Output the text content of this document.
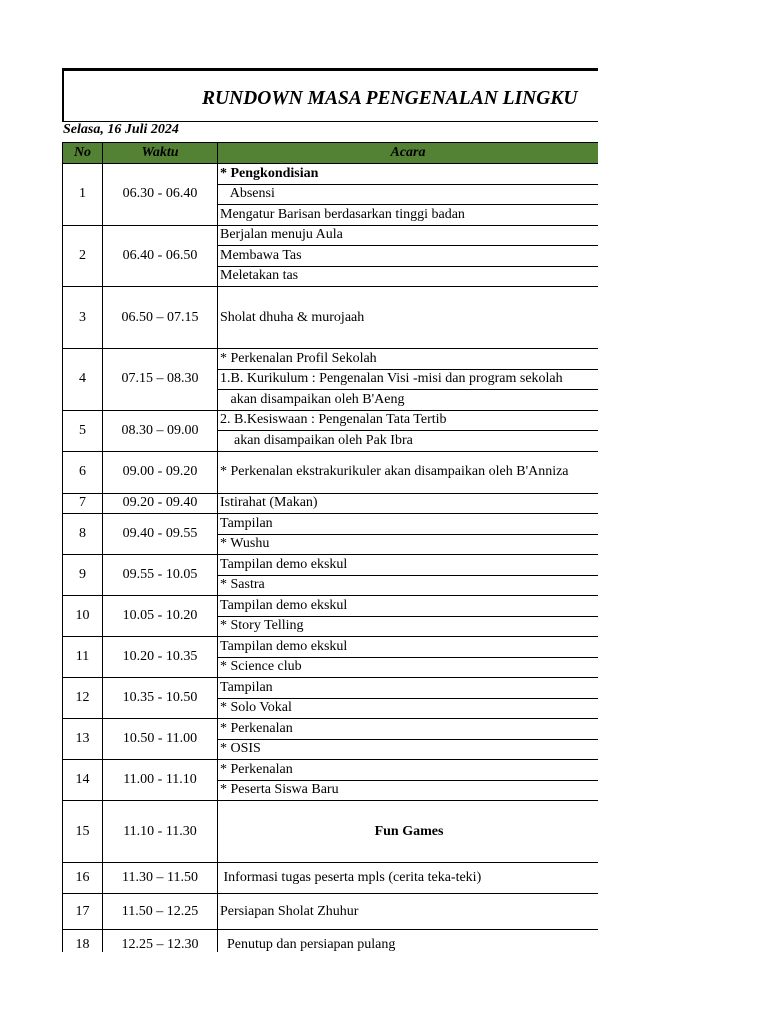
RUNDOWN MASA PENGENALAN LINGKU
Selasa, 16 Juli 2024
No	Waktu	Acara
1	06.30 - 06.40	* Pengkondisian
		Absensi
		Mengatur Barisan berdasarkan tinggi badan
2	06.40 - 06.50	Berjalan menuju Aula
		Membawa Tas
		Meletakan tas
3	06.50 – 07.15	Sholat dhuha & murojaah
4	07.15 – 08.30	* Perkenalan Profil Sekolah
		1.B. Kurikulum : Pengenalan Visi -misi dan program sekolah
		akan disampaikan oleh B'Aeng
5	08.30 – 09.00	2. B.Kesiswaan : Pengenalan Tata Tertib
		akan disampaikan oleh Pak Ibra
6	09.00 - 09.20	* Perkenalan ekstrakurikuler akan disampaikan oleh B'Anniza
7	09.20 - 09.40	Istirahat (Makan)
8	09.40 - 09.55	Tampilan
		* Wushu
9	09.55 - 10.05	Tampilan demo ekskul
		* Sastra
10	10.05 - 10.20	Tampilan demo ekskul
		* Story Telling
11	10.20 - 10.35	Tampilan demo ekskul
		* Science club
12	10.35 - 10.50	Tampilan
		* Solo Vokal
13	10.50 - 11.00	* Perkenalan
		* OSIS
14	11.00 - 11.10	* Perkenalan
		* Peserta Siswa Baru
15	11.10 - 11.30	Fun Games
16	11.30 – 11.50	Informasi tugas peserta mpls (cerita teka-teki)
17	11.50 – 12.25	Persiapan Sholat Zhuhur
18	12.25 – 12.30	Penutup dan persiapan pulang
